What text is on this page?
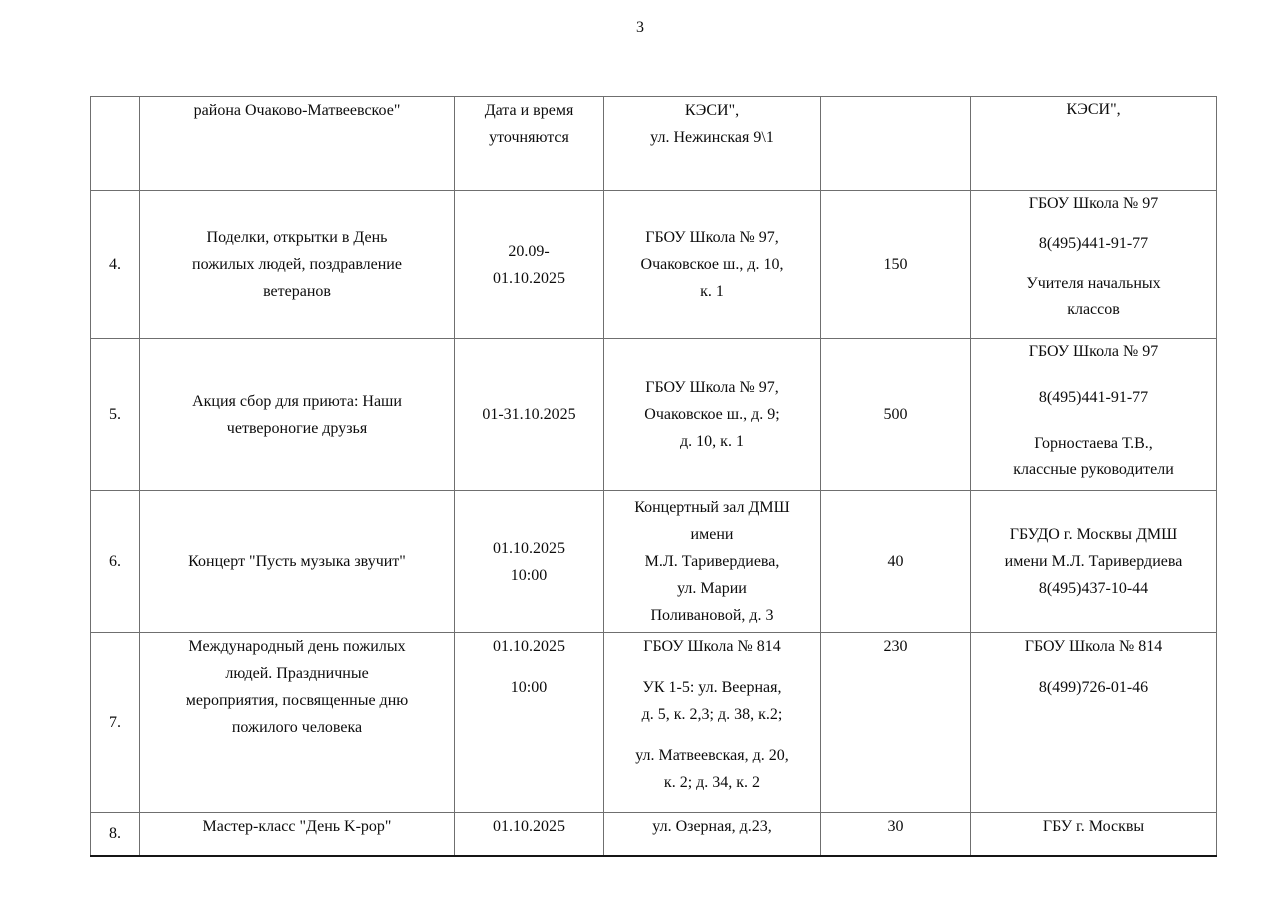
3

	района Очаково-Матвеевское"	Дата и время
уточняются	КЭСИ",
ул. Нежинская 9\1		КЭСИ",

4.	Поделки, открытки в День
пожилых людей, поздравление
ветеранов	20.09-
01.10.2025	ГБОУ Школа № 97,
Очаковское ш., д. 10,
к. 1	150	ГБОУ Школа № 97
8(495)441-91-77
Учителя начальных
классов

5.	Акция сбор для приюта: Наши
четвероногие друзья	01-31.10.2025	ГБОУ Школа № 97,
Очаковское ш., д. 9;
д. 10, к. 1	500	ГБОУ Школа № 97
8(495)441-91-77
Горностаева Т.В.,
классные руководители

6.	Концерт "Пусть музыка звучит"	01.10.2025
10:00	Концертный зал ДМШ
имени
М.Л. Таривердиева,
ул. Марии
Поливановой, д. 3	40	ГБУДО г. Москвы ДМШ
имени М.Л. Таривердиева
8(495)437-10-44

7.	Международный день пожилых
людей. Праздничные
мероприятия, посвященные дню
пожилого человека	01.10.2025
10:00	ГБОУ Школа № 814
УК 1-5: ул. Веерная,
д. 5, к. 2,3; д. 38, к.2;
ул. Матвеевская, д. 20,
к. 2; д. 34, к. 2	230	ГБОУ Школа № 814
8(499)726-01-46

8.	Мастер-класс "День K-pop"	01.10.2025	ул. Озерная, д.23,	30	ГБУ г. Москвы
